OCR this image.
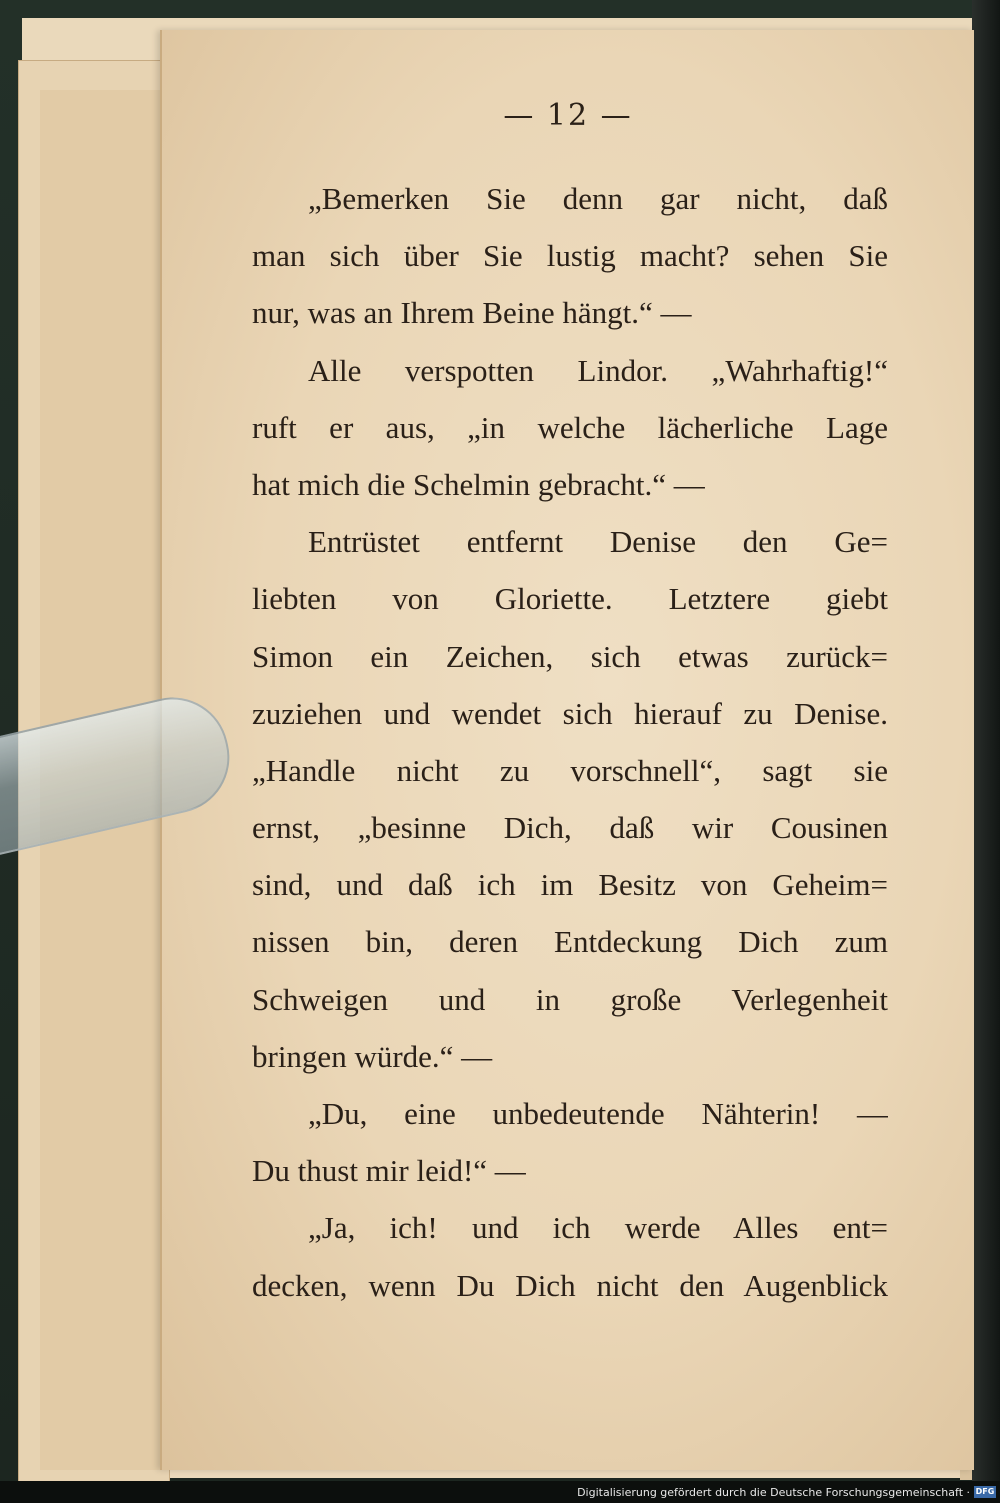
— 12 —
„Bemerken Sie denn gar nicht, daß
man sich über Sie lustig macht? sehen Sie
nur, was an Ihrem Beine hängt.“ —
Alle verspotten Lindor. „Wahrhaftig!“
ruft er aus, „in welche lächerliche Lage
hat mich die Schelmin gebracht.“ —
Entrüstet entfernt Denise den Ge=
liebten von Gloriette. Letztere giebt
Simon ein Zeichen, sich etwas zurück=
zuziehen und wendet sich hierauf zu Denise.
„Handle nicht zu vorschnell“, sagt sie
ernst, „besinne Dich, daß wir Cousinen
sind, und daß ich im Besitz von Geheim=
nissen bin, deren Entdeckung Dich zum
Schweigen und in große Verlegenheit
bringen würde.“ —
„Du, eine unbedeutende Nähterin! —
Du thust mir leid!“ —
„Ja, ich! und ich werde Alles ent=
decken, wenn Du Dich nicht den Augenblick
Digitalisierung gefördert durch die Deutsche Forschungsgemeinschaft · DFG
